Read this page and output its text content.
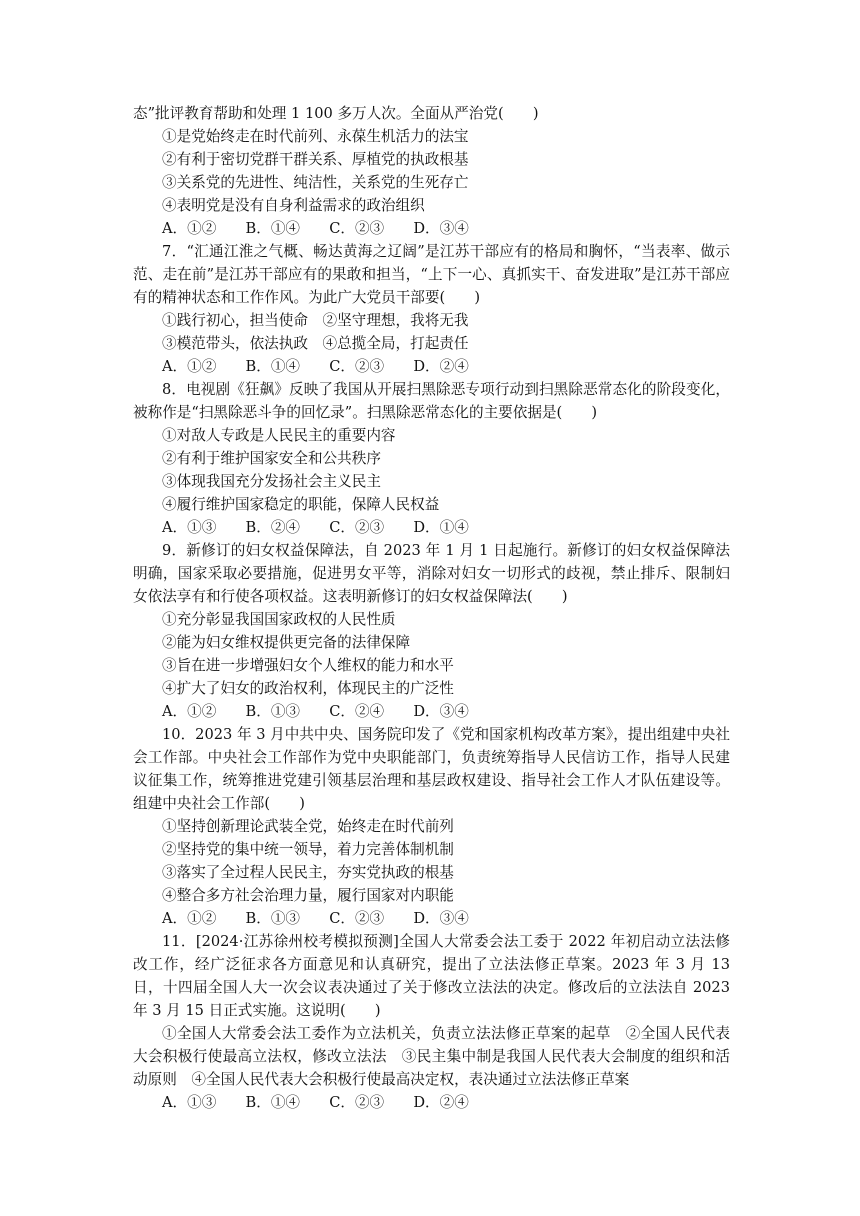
态”批评教育帮助和处理 1 100 多万人次。全面从严治党(　　)

①是党始终走在时代前列、永葆生机活力的法宝

②有利于密切党群干群关系、厚植党的执政根基

③关系党的先进性、纯洁性，关系党的生死存亡

④表明党是没有自身利益需求的政治组织

A．①②　　B．①④　　C．②③　　D．③④

7．“汇通江淮之气概、畅达黄海之辽阔”是江苏干部应有的格局和胸怀，“当表率、做示范、走在前”是江苏干部应有的果敢和担当，“上下一心、真抓实干、奋发进取”是江苏干部应有的精神状态和工作作风。为此广大党员干部要(　　)

①践行初心，担当使命　②坚守理想，我将无我

③模范带头，依法执政　④总揽全局，打起责任

A．①②　　B．①④　　C．②③　　D．②④

8．电视剧《狂飙》反映了我国从开展扫黑除恶专项行动到扫黑除恶常态化的阶段变化，被称作是“扫黑除恶斗争的回忆录”。扫黑除恶常态化的主要依据是(　　)

①对敌人专政是人民民主的重要内容

②有利于维护国家安全和公共秩序

③体现我国充分发扬社会主义民主

④履行维护国家稳定的职能，保障人民权益

A．①③　　B．②④　　C．②③　　D．①④

9．新修订的妇女权益保障法，自 2023 年 1 月 1 日起施行。新修订的妇女权益保障法明确，国家采取必要措施，促进男女平等，消除对妇女一切形式的歧视，禁止排斥、限制妇女依法享有和行使各项权益。这表明新修订的妇女权益保障法(　　)

①充分彰显我国国家政权的人民性质

②能为妇女维权提供更完备的法律保障

③旨在进一步增强妇女个人维权的能力和水平

④扩大了妇女的政治权利，体现民主的广泛性

A．①②　　B．①③　　C．②④　　D．③④

10．2023 年 3 月中共中央、国务院印发了《党和国家机构改革方案》，提出组建中央社会工作部。中央社会工作部作为党中央职能部门，负责统筹指导人民信访工作，指导人民建议征集工作，统筹推进党建引领基层治理和基层政权建设、指导社会工作人才队伍建设等。组建中央社会工作部(　　)

①坚持创新理论武装全党，始终走在时代前列

②坚持党的集中统一领导，着力完善体制机制

③落实了全过程人民民主，夯实党执政的根基

④整合多方社会治理力量，履行国家对内职能

A．①②　　B．①③　　C．②③　　D．③④

11．[2024·江苏徐州校考模拟预测]全国人大常委会法工委于 2022 年初启动立法法修改工作，经广泛征求各方面意见和认真研究，提出了立法法修正草案。2023 年 3 月 13 日，十四届全国人大一次会议表决通过了关于修改立法法的决定。修改后的立法法自 2023 年 3 月 15 日正式实施。这说明(　　)

①全国人大常委会法工委作为立法机关，负责立法法修正草案的起草　②全国人民代表大会积极行使最高立法权，修改立法法　③民主集中制是我国人民代表大会制度的组织和活动原则　④全国人民代表大会积极行使最高决定权，表决通过立法法修正草案

A．①③　　B．①④　　C．②③　　D．②④
